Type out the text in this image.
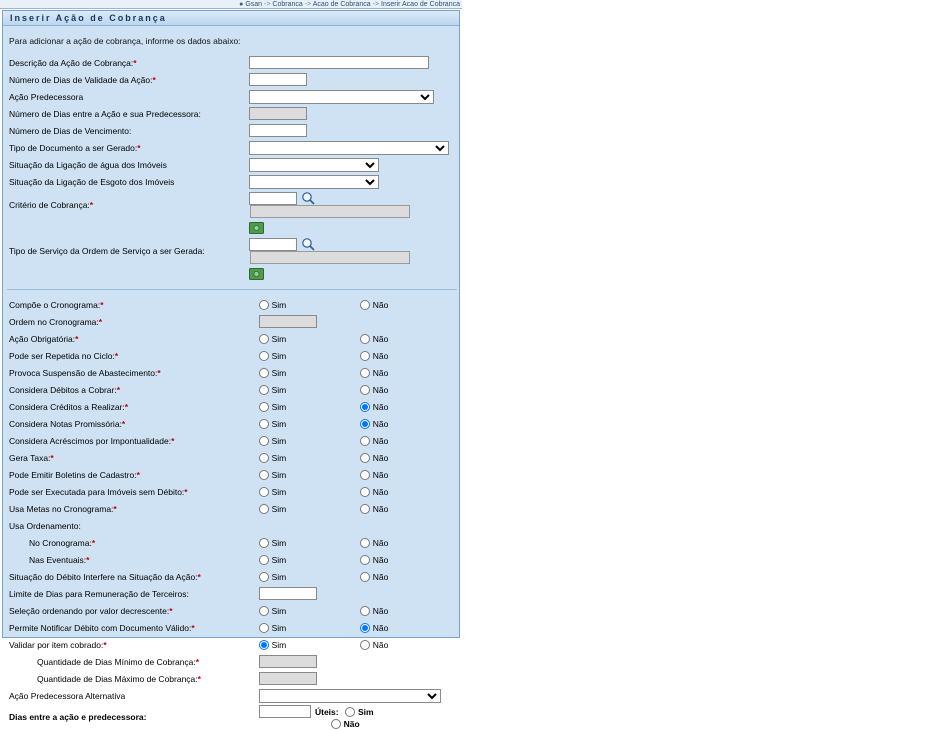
● Gsan -> Cobranca -> Acao de Cobranca -> Inserir Acao de Cobranca
Inserir Ação de Cobrança
Para adicionar a ação de cobrança, informe os dados abaixo:
Descrição da Ação de Cobrança:*	
Número de Dias de Validade da Ação:*	
Ação Predecessora	

Número de Dias entre a Ação e sua Predecessora:	
Número de Dias de Vencimento:	
Tipo de Documento a ser Gerado:*	

Situação da Ligação de água dos Imóveis	

Situação da Ligação de Esgoto dos Imóveis	

Critério de Cobrança:*	

Tipo de Serviço da Ordem de Serviço a ser Gerada:	

Compõe o Cronograma:*	Sim	Não
Ordem no Cronograma:*	
Ação Obrigatória:*	Sim	Não
Pode ser Repetida no Ciclo:*	Sim	Não
Provoca Suspensão de Abastecimento:*	Sim	Não
Considera Débitos a Cobrar:*	Sim	Não
Considera Créditos a Realizar:*	Sim	Não
Considera Notas Promissória:*	Sim	Não
Considera Acréscimos por Impontualidade:*	Sim	Não
Gera Taxa:*	Sim	Não
Pode Emitir Boletins de Cadastro:*	Sim	Não
Pode ser Executada para Imóveis sem Débito:*	Sim	Não
Usa Metas no Cronograma:*	Sim	Não
Usa Ordenamento:		
No Cronograma:*	Sim	Não
Nas Eventuais:*	Sim	Não
Situação do Débito Interfere na Situação da Ação:*	Sim	Não
Limite de Dias para Remuneração de Terceiros:	
Seleção ordenando por valor decrescente:*	Sim	Não
Permite Notificar Débito com Documento Válido:*	Sim	Não
Validar por item cobrado:*	Sim	Não
Quantidade de Dias Mínimo de Cobrança:*	
Quantidade de Dias Máximo de Cobrança:*	
Ação Predecessora Alternativa	

Dias entre a ação e predecessora:	Úteis: Sim Não	
